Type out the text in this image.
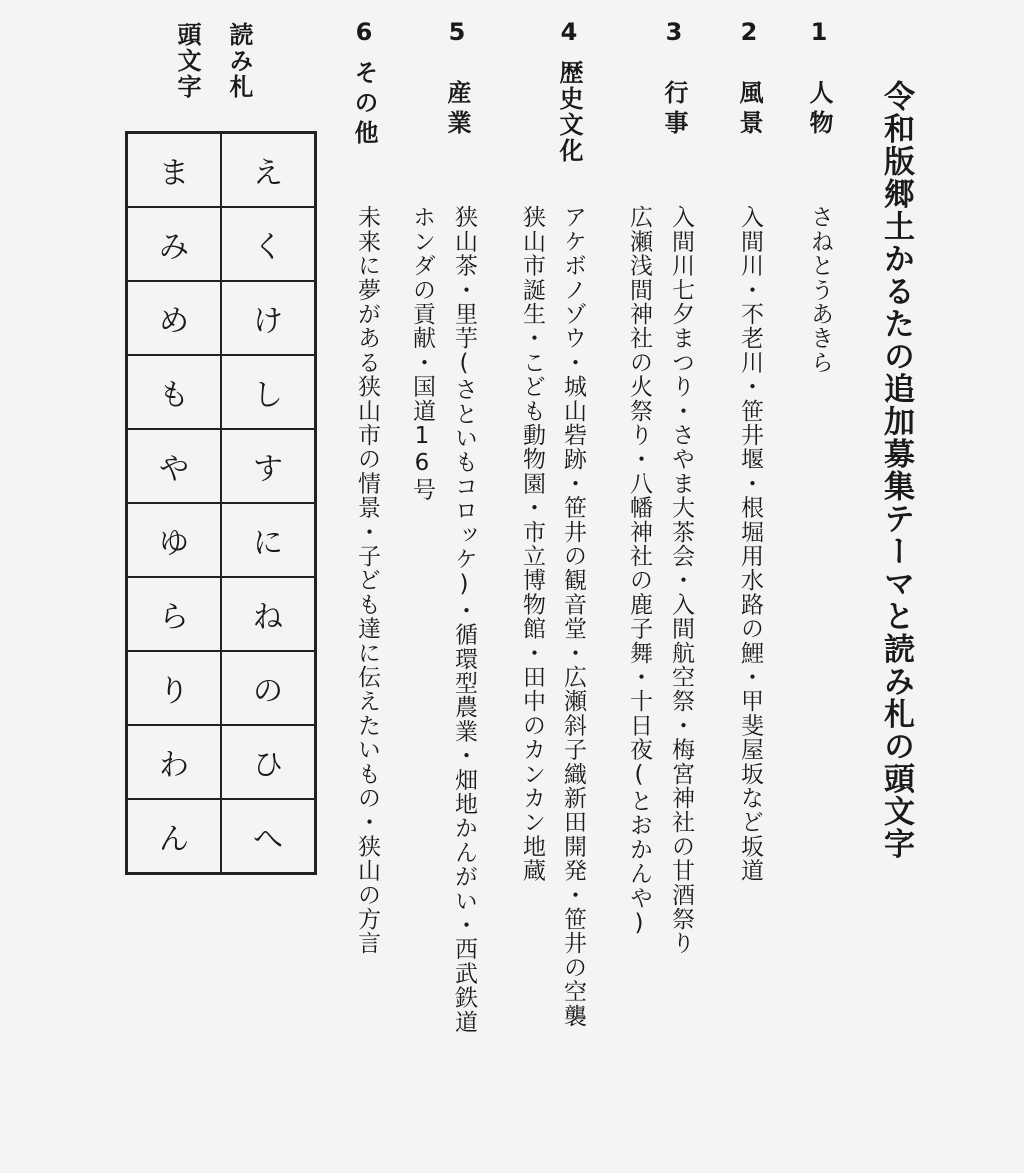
令和版郷土かるたの追加募集テーマと読み札の頭文字
1
人物
さねとうあきら
2
風景
入間川・不老川・笹井堰・根堀用水路の鯉・甲斐屋坂など坂道
3
行事
入間川七夕まつり・さやま大茶会・入間航空祭・梅宮神社の甘酒祭り
広瀬浅間神社の火祭り・八幡神社の鹿子舞・十日夜(とおかんや)
4
歴史文化
アケボノゾウ・城山砦跡・笹井の観音堂・広瀬斜子織新田開発・笹井の空襲
狭山市誕生・こども動物園・市立博物館・田中のカンカン地蔵
5
産業
狭山茶・里芋(さといもコロッケ)・循環型農業・畑地かんがい・西武鉄道
ホンダの貢献・国道16号
6
その他
未来に夢がある狭山市の情景・子ども達に伝えたいもの・狭山の方言
読み札
頭文字
え
く
け
し
す
に
ね
の
ひ
へ
ま
み
め
も
や
ゆ
ら
り
わ
ん
